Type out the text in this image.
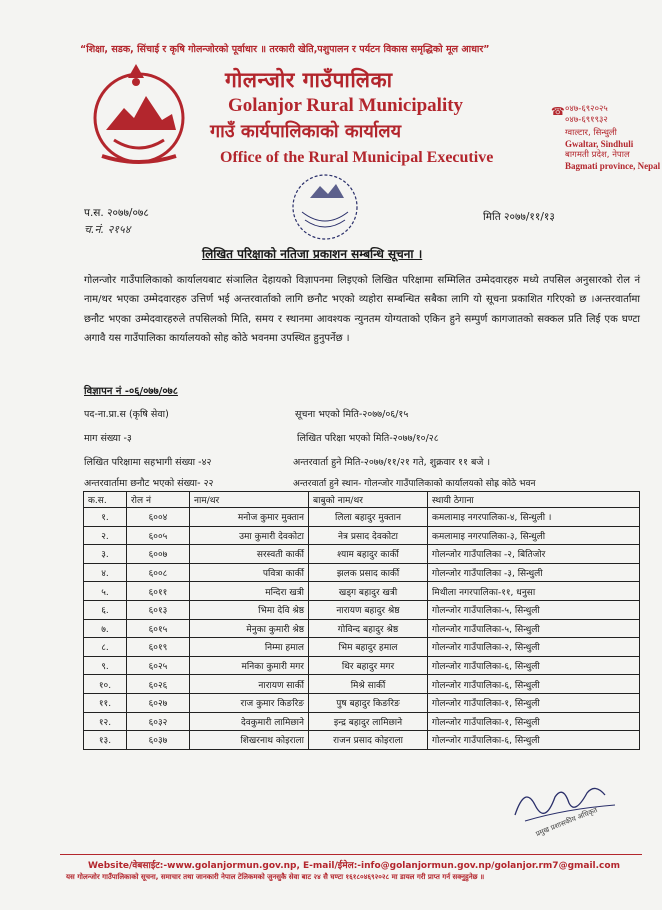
“शिक्षा, सडक, सिंचाई र कृषि गोलन्जोरको पूर्वाधार ॥ तरकारी खेति,पशुपालन र पर्यटन विकास समृद्धिको मूल आधार”
गोलन्जोर गाउँपालिका
Golanjor Rural Municipality
गाउँ कार्यपालिकाको कार्यालय
Office of the Rural Municipal Executive
☎ ०४७-६९२०२५
०४७-६९१९३२
ग्वाल्टार, सिन्धुली
Gwaltar, Sindhuli
बागमती प्रदेश, नेपाल
Bagmati province, Nepal
प.स. २०७७/०७८
च.नं. २१५४
मिति २०७७/११/१३
लिखित परिक्षाको नतिजा प्रकाशन सम्बन्धि सूचना ।
गोलन्जोर गाउँपालिकाको कार्यालयबाट संञालित देहायको विज्ञापनमा लिइएको लिखित परिक्षामा सम्मिलित उम्मेदवारहरु मध्ये तपसिल अनुसारको रोल नं नाम/थर भएका उम्मेदवारहरु उत्तिर्ण भई अन्तरवार्ताको लागि छनौट भएको व्यहोरा सम्बन्धित सबैका लागि यो सूचना प्रकाशित गरिएको छ ।अन्तरवार्तामा छनौट भएका उम्मेदवारहरुले तपसिलको मिति, समय र स्थानमा आवश्यक न्युनतम योग्यताको एकिन हुने सम्पुर्ण कागजातको सक्कल प्रति लिई एक घण्टा अगावै यस गाउँपालिका कार्यालयको सोह कोठे भवनमा उपस्थित हुनुपर्नेछ ।
विज्ञापन नं -०६/०७७/०७८
पद-ना.प्रा.स (कृषि सेवा)	सूचना भएको मिति-२०७७/०६/१५
माग संख्या -३	लिखित परिक्षा भएको मिति-२०७७/१०/२८
लिखित परिक्षामा सहभागी संख्या -४२	अन्तरवार्ता हुने मिति-२०७७/११/२१ गते, शुक्रवार ११ बजे ।
अन्तरवार्तामा छनौट भएको संख्या- २२	अन्तरवार्ता हुने स्थान- गोलन्जोर गाउँपालिकाको कार्यालयको सोह्र कोठे भवन
क.स.	रोल नं	नाम/थर	बाबुको नाम/थर	स्थायी ठेगाना
१.	६००४	मनोज कुमार मुक्तान	लिला बहादुर मुक्तान	कमलामाइ नगरपालिका-४, सिन्धुली ।
२.	६००५	उमा कुमारी देवकोटा	नेत्र प्रसाद देवकोटा	कमलामाइ नगरपालिका-३, सिन्धुली
३.	६००७	सरस्वती कार्की	श्याम बहादुर कार्की	गोलन्जोर गाउँपालिका -२, बितिजोर
४.	६००८	पवित्रा कार्की	झलक प्रसाद कार्की	गोलन्जोर गाउँपालिका -३, सिन्धुली
५.	६०११	मन्दिरा खत्री	खड्ग बहादुर खत्री	मिथीला नगरपालिका-११, धनुसा
६.	६०१३	भिमा देवि श्रेष्ठ	नारायण बहादुर श्रेष्ठ	गोलन्जोर गाउँपालिका-५, सिन्धुली
७.	६०१५	मेनुका कुमारी श्रेष्ठ	गोविन्द बहादुर श्रेष्ठ	गोलन्जोर गाउँपालिका-५, सिन्धुली
८.	६०१९	निम्मा हमाल	भिम बहादुर हमाल	गोलन्जोर गाउँपालिका-२, सिन्धुली
९.	६०२५	मनिका कुमारी मगर	थिर बहादुर मगर	गोलन्जोर गाउँपालिका-६, सिन्धुली
१०.	६०२६	नारायण सार्की	मिश्रे सार्की	गोलन्जोर गाउँपालिका-६, सिन्धुली
११.	६०२७	राज कुमार किङरिङ	पुष बहादुर किङरिङ	गोलन्जोर गाउँपालिका-१, सिन्धुली
१२.	६०३२	देवकुमारी लामिछाने	इन्द्र बहादुर लामिछाने	गोलन्जोर गाउँपालिका-१, सिन्धुली
१३.	६०३७	शिखरनाथ कोइराला	राजन प्रसाद कोइराला	गोलन्जोर गाउँपालिका-६, सिन्धुली
प्रमुख प्रशासकीय अधिकृत
Website/वेबसाईट:-www.golanjormun.gov.np, E-mail/ईमेल:-info@golanjormun.gov.np/golanjor.rm7@gmail.com
यस गोलन्जोर गाउँपालिकाको सूचना, समाचार तथा जानकारी नेपाल टेलिकमको जुनसुकै सेवा बाट २४ सै घण्टा १६१८०४६९२०२८ मा डायल गरी प्राप्त गर्न सक्नुहुनेछ ॥
